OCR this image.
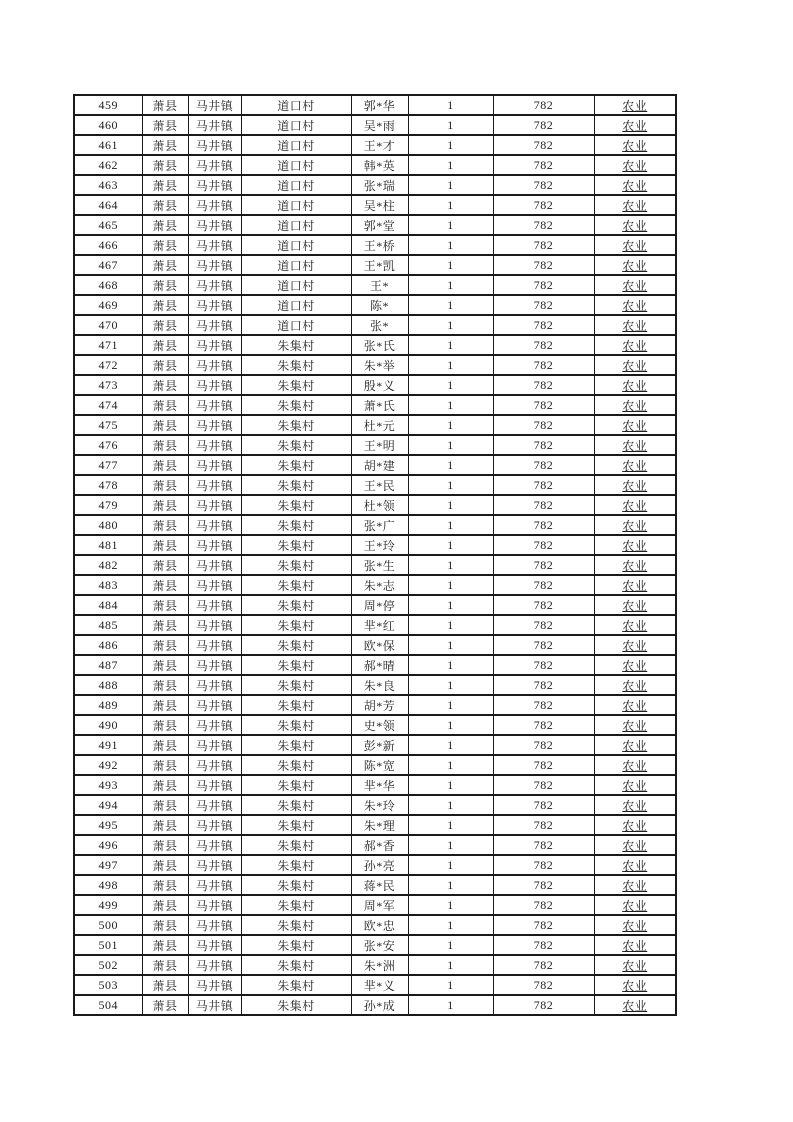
459	萧县	马井镇	道口村	郭*华	1	782	农业
460	萧县	马井镇	道口村	吴*雨	1	782	农业
461	萧县	马井镇	道口村	王*才	1	782	农业
462	萧县	马井镇	道口村	韩*英	1	782	农业
463	萧县	马井镇	道口村	张*瑞	1	782	农业
464	萧县	马井镇	道口村	吴*柱	1	782	农业
465	萧县	马井镇	道口村	郭*堂	1	782	农业
466	萧县	马井镇	道口村	王*桥	1	782	农业
467	萧县	马井镇	道口村	王*凯	1	782	农业
468	萧县	马井镇	道口村	王*	1	782	农业
469	萧县	马井镇	道口村	陈*	1	782	农业
470	萧县	马井镇	道口村	张*	1	782	农业
471	萧县	马井镇	朱集村	张*氏	1	782	农业
472	萧县	马井镇	朱集村	朱*举	1	782	农业
473	萧县	马井镇	朱集村	殷*义	1	782	农业
474	萧县	马井镇	朱集村	萧*氏	1	782	农业
475	萧县	马井镇	朱集村	杜*元	1	782	农业
476	萧县	马井镇	朱集村	王*明	1	782	农业
477	萧县	马井镇	朱集村	胡*建	1	782	农业
478	萧县	马井镇	朱集村	王*民	1	782	农业
479	萧县	马井镇	朱集村	杜*领	1	782	农业
480	萧县	马井镇	朱集村	张*广	1	782	农业
481	萧县	马井镇	朱集村	王*玲	1	782	农业
482	萧县	马井镇	朱集村	张*生	1	782	农业
483	萧县	马井镇	朱集村	朱*志	1	782	农业
484	萧县	马井镇	朱集村	周*停	1	782	农业
485	萧县	马井镇	朱集村	芈*红	1	782	农业
486	萧县	马井镇	朱集村	欧*保	1	782	农业
487	萧县	马井镇	朱集村	郝*晴	1	782	农业
488	萧县	马井镇	朱集村	朱*良	1	782	农业
489	萧县	马井镇	朱集村	胡*芳	1	782	农业
490	萧县	马井镇	朱集村	史*领	1	782	农业
491	萧县	马井镇	朱集村	彭*新	1	782	农业
492	萧县	马井镇	朱集村	陈*宽	1	782	农业
493	萧县	马井镇	朱集村	芈*华	1	782	农业
494	萧县	马井镇	朱集村	朱*玲	1	782	农业
495	萧县	马井镇	朱集村	朱*理	1	782	农业
496	萧县	马井镇	朱集村	郝*香	1	782	农业
497	萧县	马井镇	朱集村	孙*亮	1	782	农业
498	萧县	马井镇	朱集村	蒋*民	1	782	农业
499	萧县	马井镇	朱集村	周*军	1	782	农业
500	萧县	马井镇	朱集村	欧*忠	1	782	农业
501	萧县	马井镇	朱集村	张*安	1	782	农业
502	萧县	马井镇	朱集村	朱*洲	1	782	农业
503	萧县	马井镇	朱集村	芈*义	1	782	农业
504	萧县	马井镇	朱集村	孙*成	1	782	农业
